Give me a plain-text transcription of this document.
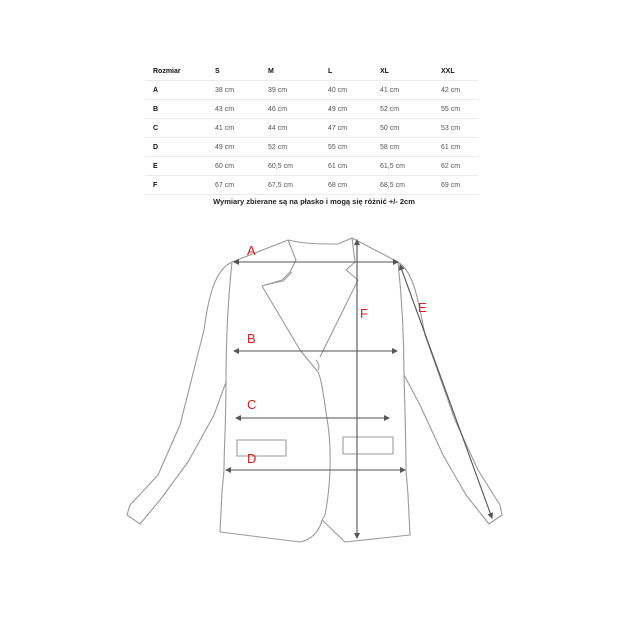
Rozmiar	S	M	L	XL	XXL
A	38 cm	39 cm	40 cm	41 cm	42 cm
B	43 cm	46 cm	49 cm	52 cm	55 cm
C	41 cm	44 cm	47 cm	50 cm	53 cm
D	49 cm	52 cm	55 cm	58 cm	61 cm
E	60 cm	60,5 cm	61 cm	61,5 cm	62 cm
F	67 cm	67,5 cm	68 cm	68,5 cm	69 cm
Wymiary zbierane są na płasko i mogą się różnić +/- 2cm
A
B
C
D
E
F
